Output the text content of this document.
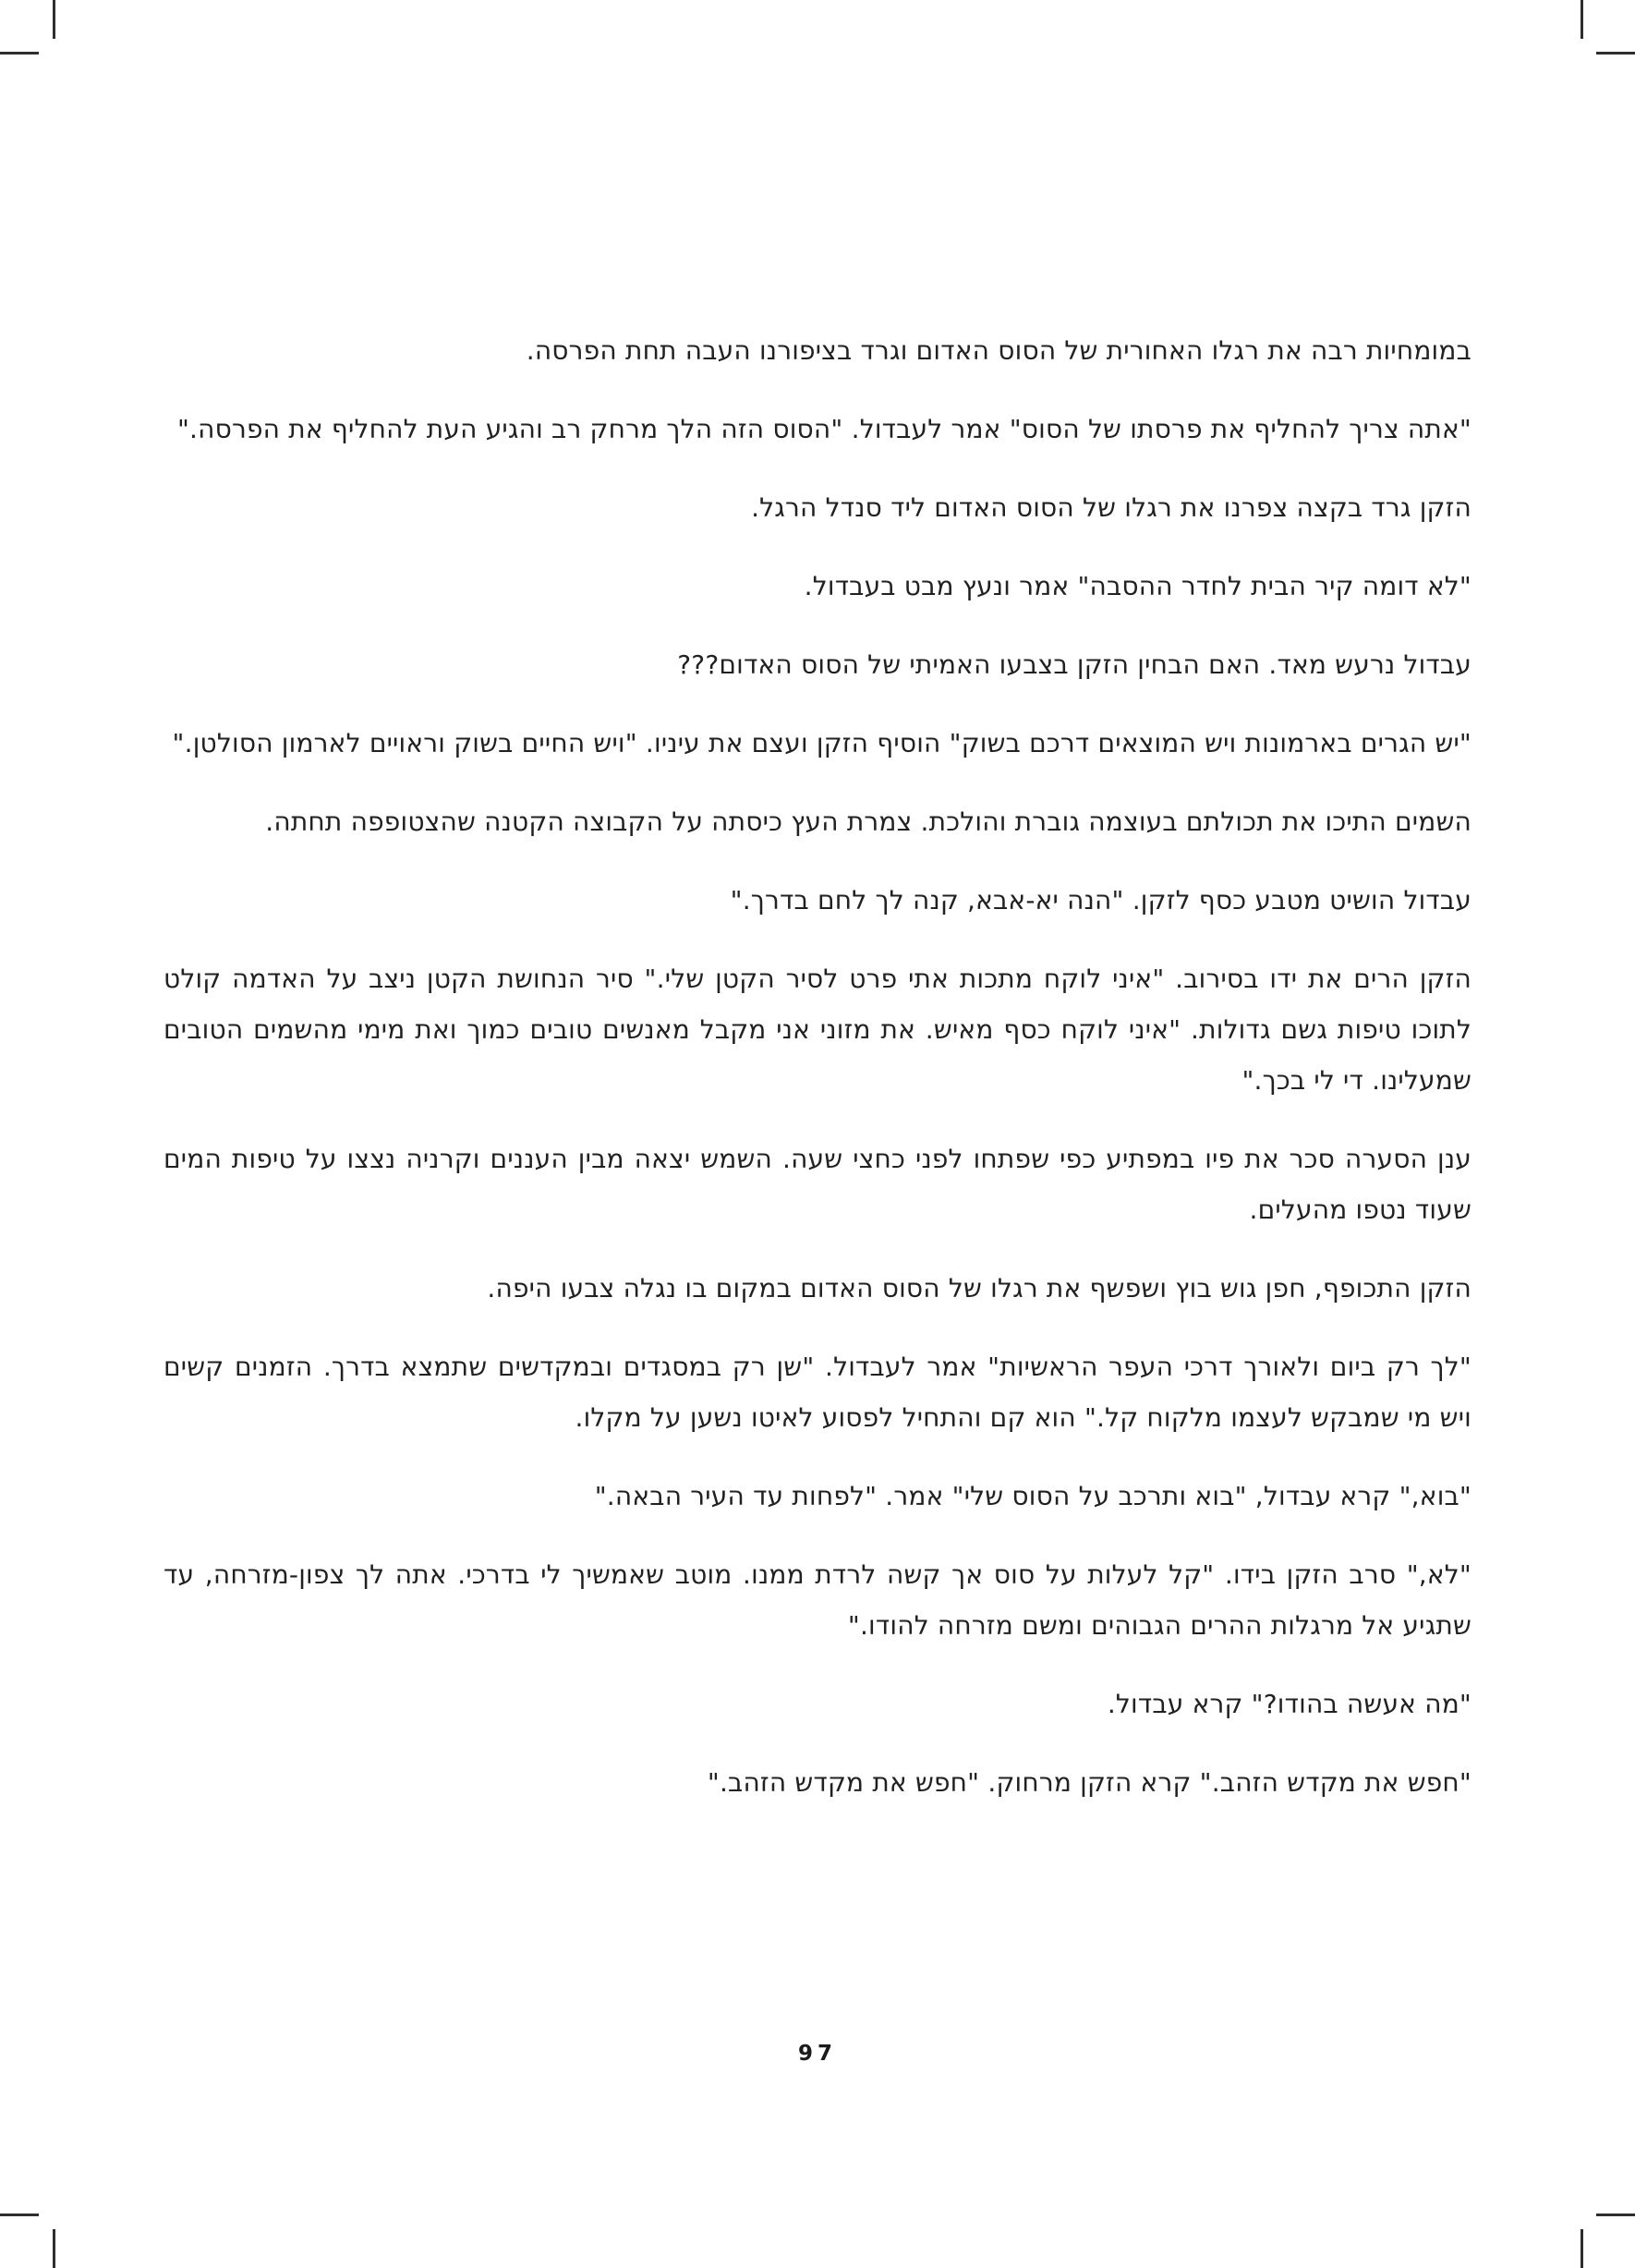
במומחיות רבה את רגלו האחורית של הסוס האדום וגרד בציפורנו העבה תחת הפרסה.

"אתה צריך להחליף את פרסתו של הסוס" אמר לעבדול. "הסוס הזה הלך מרחק רב והגיע העת להחליף את הפרסה."

הזקן גרד בקצה צפרנו את רגלו של הסוס האדום ליד סנדל הרגל.

"לא דומה קיר הבית לחדר ההסבה" אמר ונעץ מבט בעבדול.

עבדול נרעש מאד. האם הבחין הזקן בצבעו האמיתי של הסוס האדום???

"יש הגרים בארמונות ויש המוצאים דרכם בשוק" הוסיף הזקן ועצם את עיניו. "ויש החיים בשוק וראויים לארמון הסולטן."

השמים התיכו את תכולתם בעוצמה גוברת והולכת. צמרת העץ כיסתה על הקבוצה הקטנה שהצטופפה תחתה.

עבדול הושיט מטבע כסף לזקן. "הנה יא-אבא, קנה לך לחם בדרך."

הזקן הרים את ידו בסירוב. "איני לוקח מתכות אתי פרט לסיר הקטן שלי." סיר הנחושת הקטן ניצב על האדמה קולט לתוכו טיפות גשם גדולות. "איני לוקח כסף מאיש. את מזוני אני מקבל מאנשים טובים כמוך ואת מימי מהשמים הטובים שמעלינו. די לי בכך."

ענן הסערה סכר את פיו במפתיע כפי שפתחו לפני כחצי שעה. השמש יצאה מבין העננים וקרניה נצצו על טיפות המים שעוד נטפו מהעלים.

הזקן התכופף, חפן גוש בוץ ושפשף את רגלו של הסוס האדום במקום בו נגלה צבעו היפה.

"לך רק ביום ולאורך דרכי העפר הראשיות" אמר לעבדול. "שן רק במסגדים ובמקדשים שתמצא בדרך. הזמנים קשים ויש מי שמבקש לעצמו מלקוח קל." הוא קם והתחיל לפסוע לאיטו נשען על מקלו.

"בוא," קרא עבדול, "בוא ותרכב על הסוס שלי" אמר. "לפחות עד העיר הבאה."

"לא," סרב הזקן בידו. "קל לעלות על סוס אך קשה לרדת ממנו. מוטב שאמשיך לי בדרכי. אתה לך צפון-מזרחה, עד שתגיע אל מרגלות ההרים הגבוהים ומשם מזרחה להודו."

"מה אעשה בהודו?" קרא עבדול.

"חפש את מקדש הזהב." קרא הזקן מרחוק. "חפש את מקדש הזהב."

97
